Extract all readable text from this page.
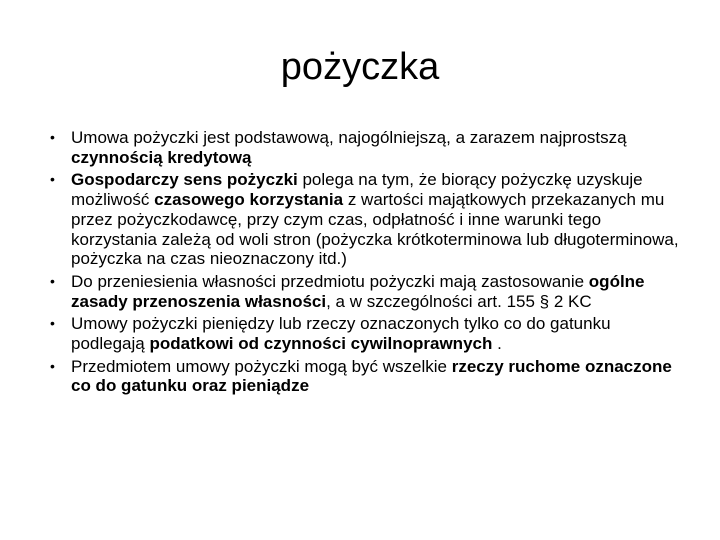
pożyczka
• Umowa pożyczki jest podstawową, najogólniejszą, a zarazem najprostszą czynnością kredytową
• Gospodarczy sens pożyczki polega na tym, że biorący pożyczkę uzyskuje możliwość czasowego korzystania z wartości majątkowych przekazanych mu przez pożyczkodawcę, przy czym czas, odpłatność i inne warunki tego korzystania zależą od woli stron (pożyczka krótkoterminowa lub długoterminowa, pożyczka na czas nieoznaczony itd.)
• Do przeniesienia własności przedmiotu pożyczki mają zastosowanie ogólne zasady przenoszenia własności, a w szczególności art. 155 § 2 KC
• Umowy pożyczki pieniędzy lub rzeczy oznaczonych tylko co do gatunku podlegają podatkowi od czynności cywilnoprawnych .
• Przedmiotem umowy pożyczki mogą być wszelkie rzeczy ruchome oznaczone co do gatunku oraz pieniądze
